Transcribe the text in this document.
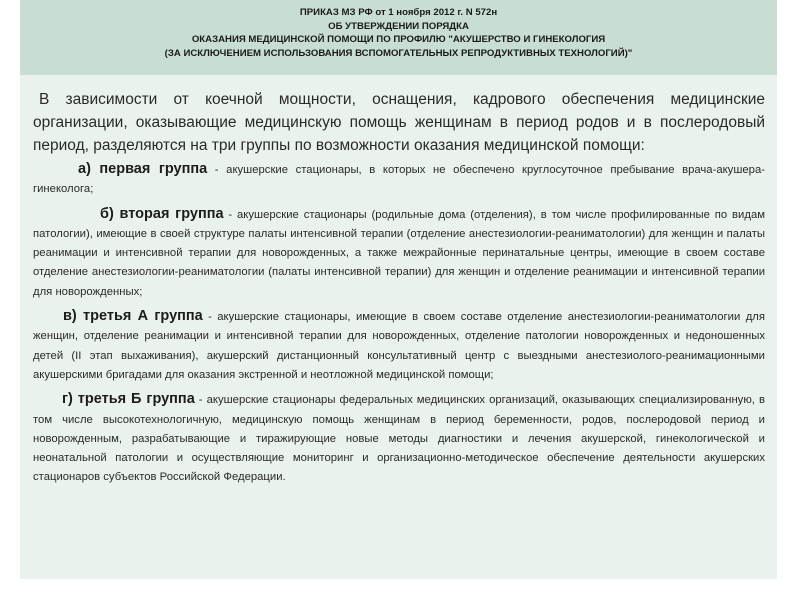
ПРИКАЗ МЗ РФ от 1 ноября 2012 г. N 572н
ОБ УТВЕРЖДЕНИИ ПОРЯДКА
ОКАЗАНИЯ МЕДИЦИНСКОЙ ПОМОЩИ ПО ПРОФИЛЮ "АКУШЕРСТВО И ГИНЕКОЛОГИЯ
(ЗА ИСКЛЮЧЕНИЕМ ИСПОЛЬЗОВАНИЯ ВСПОМОГАТЕЛЬНЫХ РЕПРОДУКТИВНЫХ ТЕХНОЛОГИЙ)"

В зависимости от коечной мощности, оснащения, кадрового обеспечения медицинские организации, оказывающие медицинскую помощь женщинам в период родов и в послеродовый период, разделяются на три группы по возможности оказания медицинской помощи:

а) первая группа - акушерские стационары, в которых не обеспечено круглосуточное пребывание врача-акушера-гинеколога;

б) вторая группа - акушерские стационары (родильные дома (отделения), в том числе профилированные по видам патологии), имеющие в своей структуре палаты интенсивной терапии (отделение анестезиологии-реаниматологии) для женщин и палаты реанимации и интенсивной терапии для новорожденных, а также межрайонные перинатальные центры, имеющие в своем составе отделение анестезиологии-реаниматологии (палаты интенсивной терапии) для женщин и отделение реанимации и интенсивной терапии для новорожденных;

в) третья А группа - акушерские стационары, имеющие в своем составе отделение анестезиологии-реаниматологии для женщин, отделение реанимации и интенсивной терапии для новорожденных, отделение патологии новорожденных и недоношенных детей (II этап выхаживания), акушерский дистанционный консультативный центр с выездными анестезиолого-реанимационными акушерскими бригадами для оказания экстренной и неотложной медицинской помощи;

г) третья Б группа - акушерские стационары федеральных медицинских организаций, оказывающих специализированную, в том числе высокотехнологичную, медицинскую помощь женщинам в период беременности, родов, послеродовой период и новорожденным, разрабатывающие и тиражирующие новые методы диагностики и лечения акушерской, гинекологической и неонатальной патологии и осуществляющие мониторинг и организационно-методическое обеспечение деятельности акушерских стационаров субъектов Российской Федерации.
